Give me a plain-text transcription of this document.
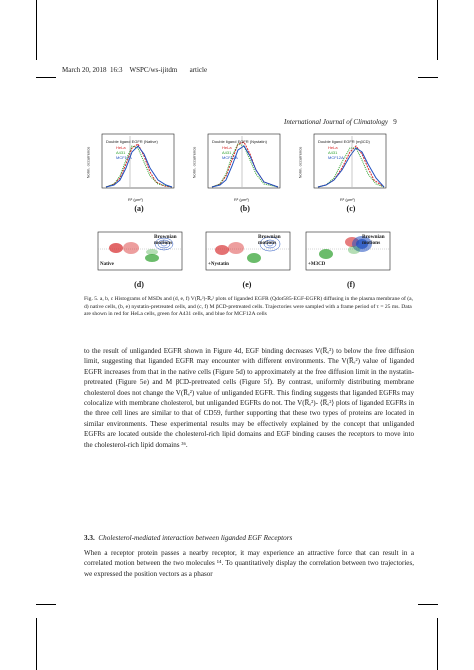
March 20, 2018 16:3 WSPC/ws-ijitdm article
International Journal of Climatology 9
Double ligand EGFR (Native)
HeLa
A431
MCF12A
Norm. occurrence
R² (μm²)
(a)
Double ligand EGFR (Nystatin)
HeLa
A431
MCF12A
Norm. occurrence
R² (μm²)
(b)
Double ligand EGFR (mβCD)
HeLa
A431
MCF12A
Norm. occurrence
R² (μm²)
(c)
Brownian motions
Native
(d)
Brownian motions
+Nystatin
(e)
Brownian motions
+M3CD
(f)
Fig. 5. a, b, c Histograms of MSDs and (d, e, f) V(R̅ₑ²)-R̅ₑ² plots of liganded EGFR (Qdot585-EGF-EGFR) diffusing in the plasma membrane of (a, d) native cells, (b, e) nystatin-pretreated cells, and (c, f) M βCD-pretreated cells. Trajectories were sampled with a frame period of τ = 25 ms. Data are shown in red for HeLa cells, green for A431 cells, and blue for MCF12A cells
to the result of unliganded EGFR shown in Figure 4d, EGF binding decreases V(R̅ₑ²) to below the free diffusion limit, suggesting that liganded EGFR may encounter with different environments. The V(R̅ₑ²) value of liganded EGFR increases from that in the native cells (Figure 5d) to approximately at the free diffusion limit in the nystatin-pretreated (Figure 5e) and M βCD-pretreated cells (Figure 5f). By contrast, uniformly distributing membrane cholesterol does not change the V(R̅ₑ²) value of unliganded EGFR. This finding suggests that liganded EGFRs may colocalize with membrane cholesterol, but unliganded EGFRs do not. The V(R̅ₑ²)- ⟨R̅ₑ²⟩ plots of liganded EGFRs in the three cell lines are similar to that of CD59, further supporting that these two types of proteins are located in similar environments. These experimental results may be effectively explained by the concept that unliganded EGFRs are located outside the cholesterol-rich lipid domains and EGF binding causes the receptors to move into the cholesterol-rich lipid domains ³⁶.
3.3. Cholesterol-mediated interaction between liganded EGF Receptors
When a receptor protein passes a nearby receptor, it may experience an attractive force that can result in a correlated motion between the two molecules ¹⁴. To quantitatively display the correlation between two trajectories, we expressed the position vectors as a phasor
